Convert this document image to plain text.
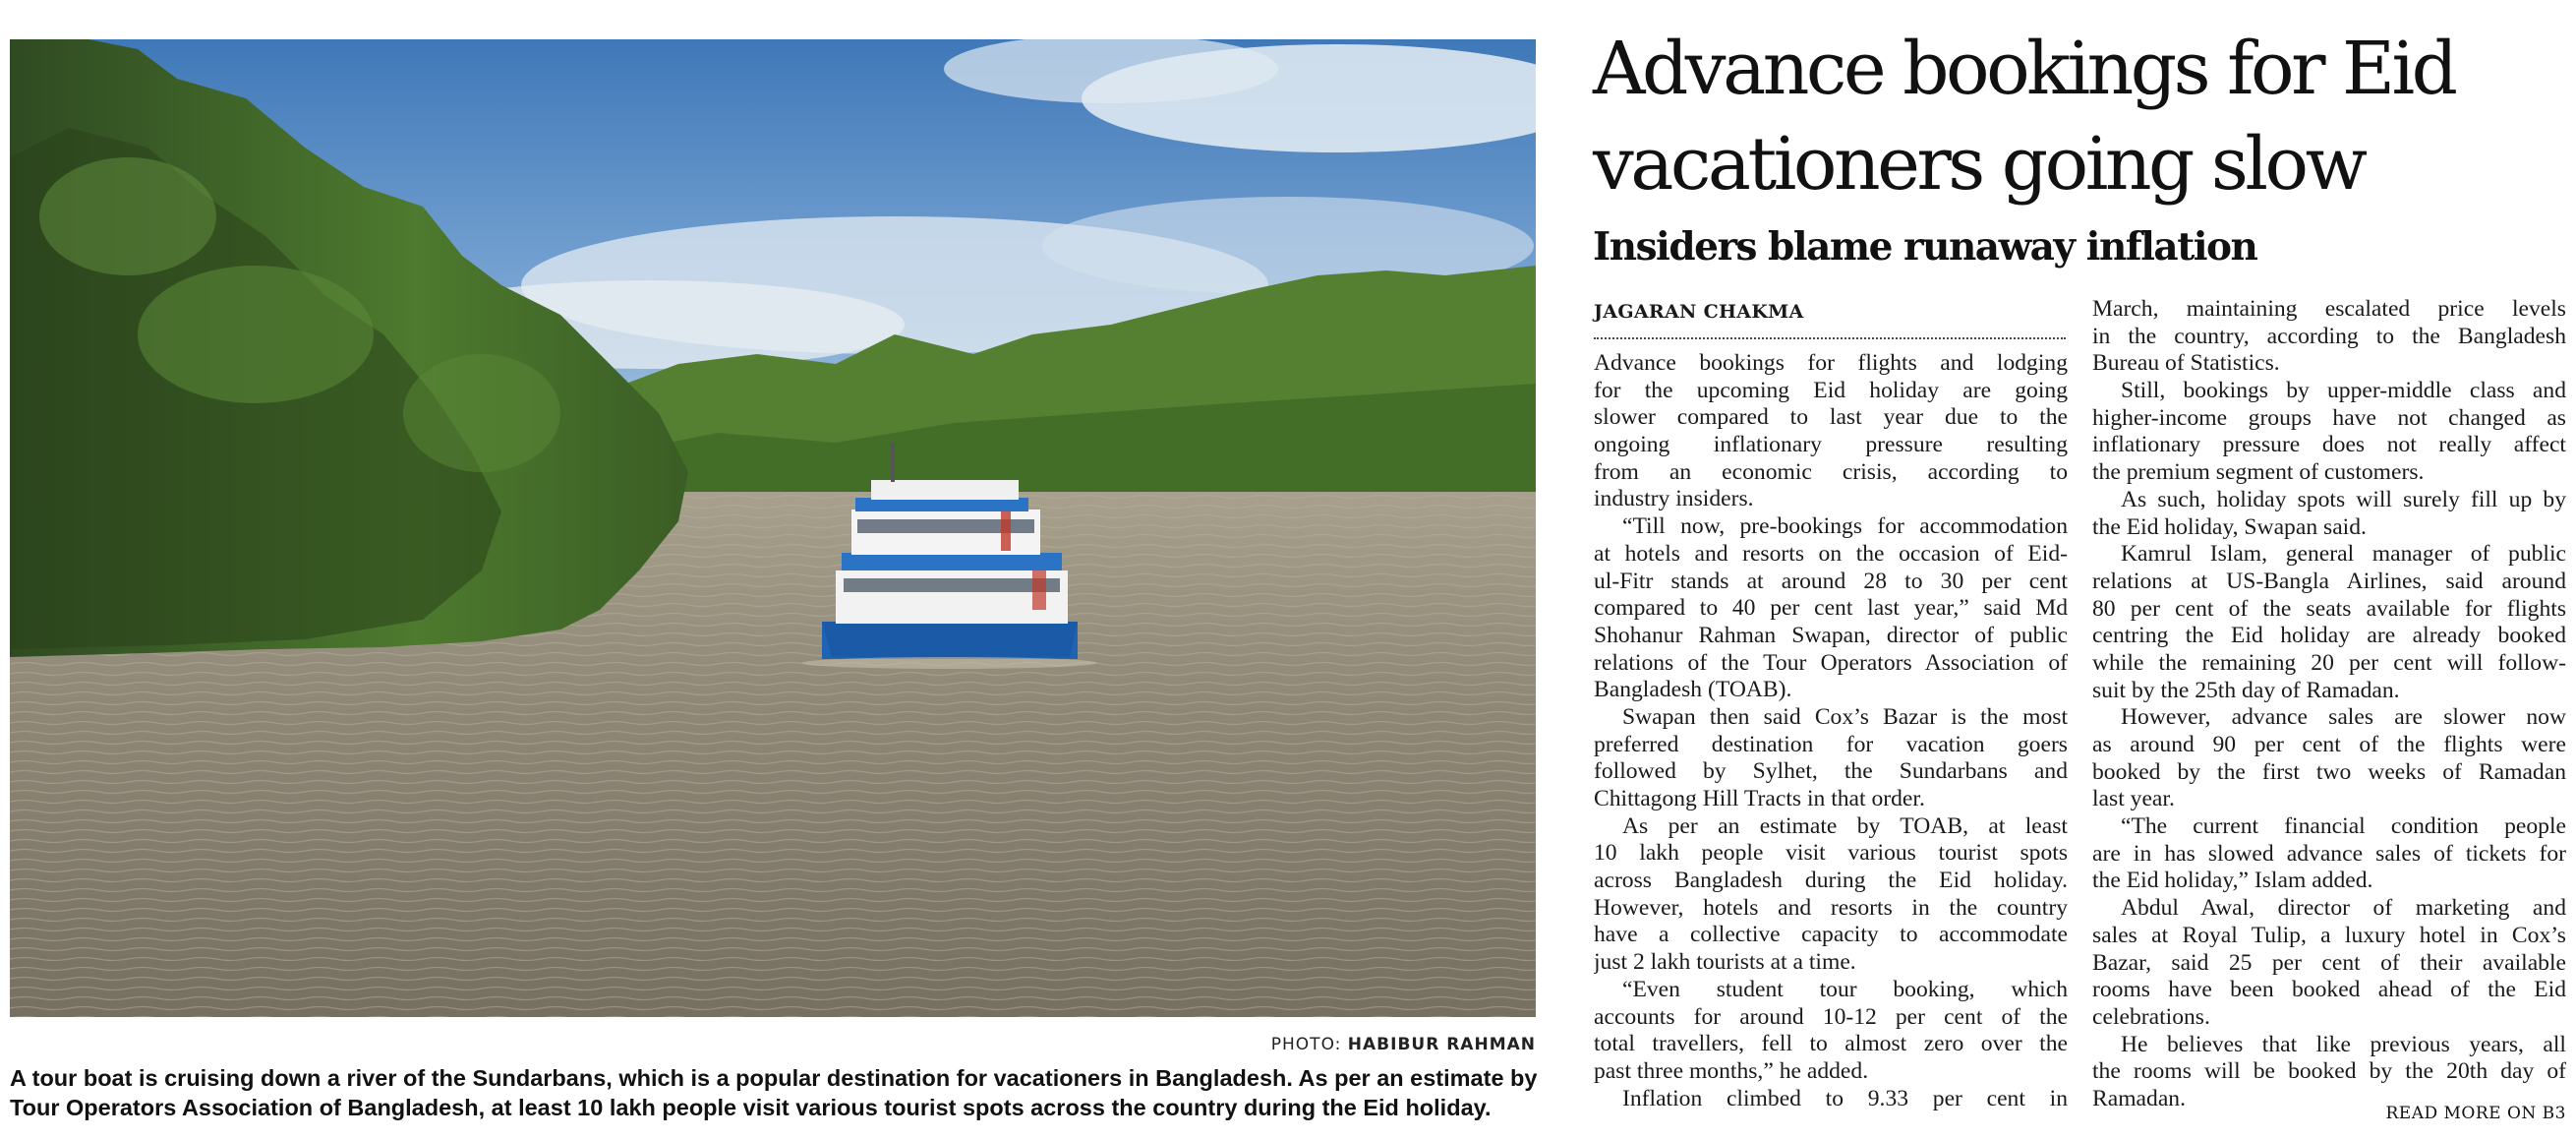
PHOTO: HABIBUR RAHMAN
A tour boat is cruising down a river of the Sundarbans, which is a popular destination for vacationers in Bangladesh. As per an estimate by
Tour Operators Association of Bangladesh, at least 10 lakh people visit various tourist spots across the country during the Eid holiday.
Advance bookings for Eid
vacationers going slow
Insiders blame runaway inflation
JAGARAN CHAKMA
Advance bookings for flights and lodging
for the upcoming Eid holiday are going
slower compared to last year due to the
ongoing inflationary pressure resulting
from an economic crisis, according to
industry insiders.
“Till now, pre-bookings for accommodation
at hotels and resorts on the occasion of Eid-
ul-Fitr stands at around 28 to 30 per cent
compared to 40 per cent last year,” said Md
Shohanur Rahman Swapan, director of public
relations of the Tour Operators Association of
Bangladesh (TOAB).
Swapan then said Cox’s Bazar is the most
preferred destination for vacation goers
followed by Sylhet, the Sundarbans and
Chittagong Hill Tracts in that order.
As per an estimate by TOAB, at least
10 lakh people visit various tourist spots
across Bangladesh during the Eid holiday.
However, hotels and resorts in the country
have a collective capacity to accommodate
just 2 lakh tourists at a time.
“Even student tour booking, which
accounts for around 10-12 per cent of the
total travellers, fell to almost zero over the
past three months,” he added.
Inflation climbed to 9.33 per cent in
March, maintaining escalated price levels
in the country, according to the Bangladesh
Bureau of Statistics.
Still, bookings by upper-middle class and
higher-income groups have not changed as
inflationary pressure does not really affect
the premium segment of customers.
As such, holiday spots will surely fill up by
the Eid holiday, Swapan said.
Kamrul Islam, general manager of public
relations at US-Bangla Airlines, said around
80 per cent of the seats available for flights
centring the Eid holiday are already booked
while the remaining 20 per cent will follow-
suit by the 25th day of Ramadan.
However, advance sales are slower now
as around 90 per cent of the flights were
booked by the first two weeks of Ramadan
last year.
“The current financial condition people
are in has slowed advance sales of tickets for
the Eid holiday,” Islam added.
Abdul Awal, director of marketing and
sales at Royal Tulip, a luxury hotel in Cox’s
Bazar, said 25 per cent of their available
rooms have been booked ahead of the Eid
celebrations.
He believes that like previous years, all
the rooms will be booked by the 20th day of
Ramadan.
READ MORE ON B3
